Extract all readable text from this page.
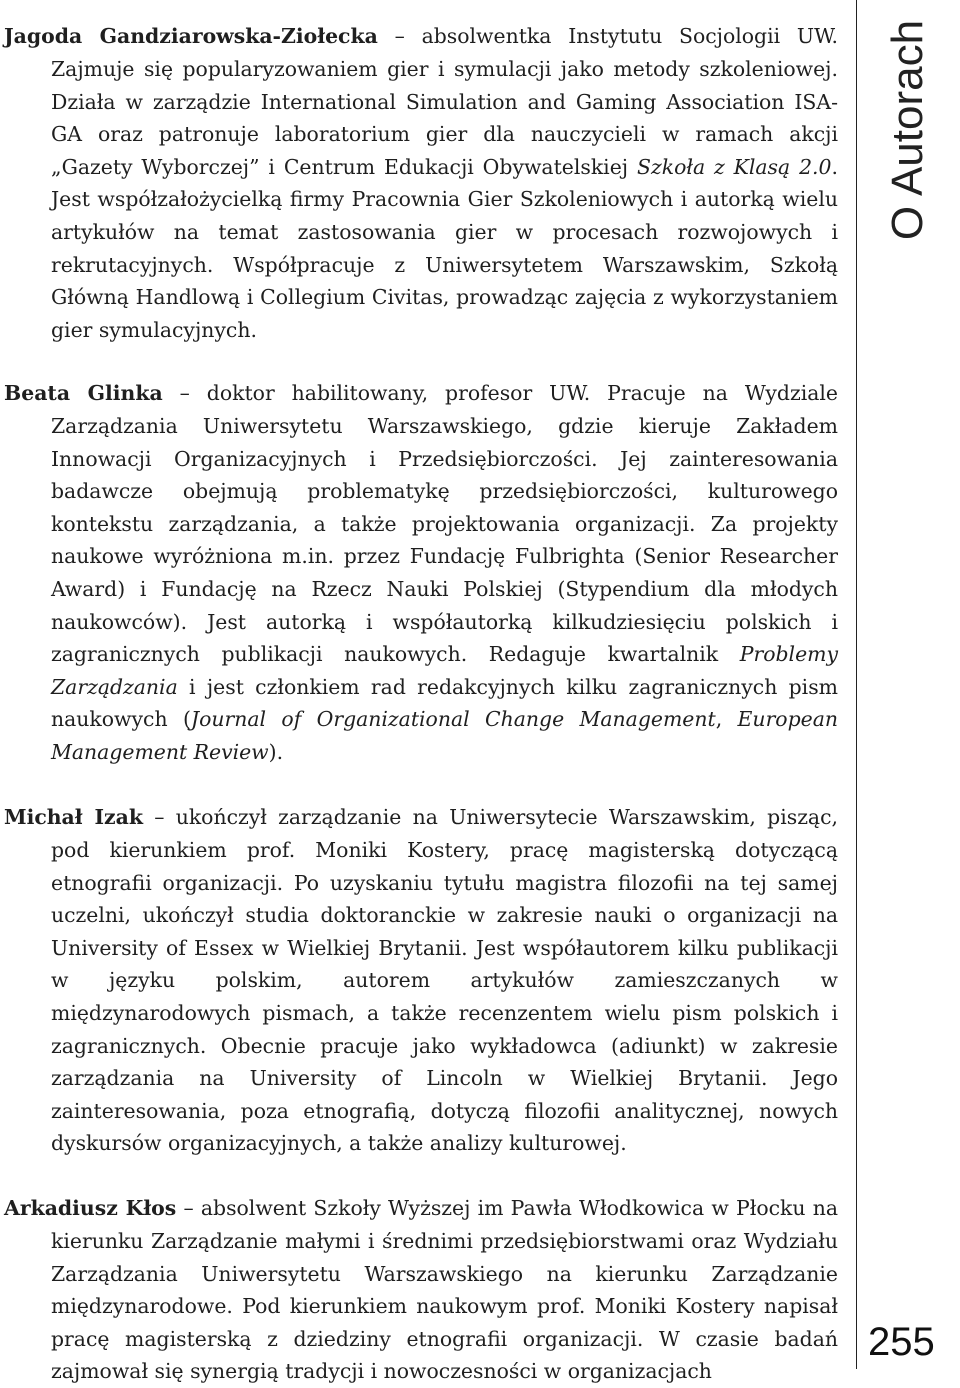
Jagoda Gandziarowska-Ziołecka – absolwentka Instytutu Socjologii UW. Zajmuje się popularyzowaniem gier i symulacji jako metody szkoleniowej. Działa w zarządzie International Simulation and Gaming Association ISA-GA oraz patronuje laboratorium gier dla nauczycieli w ramach akcji „Gazety Wyborczej” i Centrum Edukacji Obywatelskiej Szkoła z Klasą 2.0. Jest współzałożycielką firmy Pracownia Gier Szkoleniowych i autorką wielu artykułów na temat zastosowania gier w procesach rozwojowych i rekrutacyjnych. Współpracuje z Uniwersytetem Warszawskim, Szkołą Główną Handlową i Collegium Civitas, prowadząc zajęcia z wykorzystaniem gier symulacyjnych.

Beata Glinka – doktor habilitowany, profesor UW. Pracuje na Wydziale Zarządzania Uniwersytetu Warszawskiego, gdzie kieruje Zakładem Innowacji Organizacyjnych i Przedsiębiorczości. Jej zainteresowania badawcze obejmują problematykę przedsiębiorczości, kulturowego kontekstu zarządzania, a także projektowania organizacji. Za projekty naukowe wyróżniona m.in. przez Fundację Fulbrighta (Senior Researcher Award) i Fundację na Rzecz Nauki Polskiej (Stypendium dla młodych naukowców). Jest autorką i współautorką kilkudziesięciu polskich i zagranicznych publikacji naukowych. Redaguje kwartalnik Problemy Zarządzania i jest członkiem rad redakcyjnych kilku zagranicznych pism naukowych (Journal of Organizational Change Management, European Management Review).

Michał Izak – ukończył zarządzanie na Uniwersytecie Warszawskim, pisząc, pod kierunkiem prof. Moniki Kostery, pracę magisterską dotyczącą etnografii organizacji. Po uzyskaniu tytułu magistra filozofii na tej samej uczelni, ukończył studia doktoranckie w zakresie nauki o organizacji na University of Essex w Wielkiej Brytanii. Jest współautorem kilku publikacji w języku polskim, autorem artykułów zamieszczanych w międzynarodowych pismach, a także recenzentem wielu pism polskich i zagranicznych. Obecnie pracuje jako wykładowca (adiunkt) w zakresie zarządzania na University of Lincoln w Wielkiej Brytanii. Jego zainteresowania, poza etnografią, dotyczą filozofii analitycznej, nowych dyskursów organizacyjnych, a także analizy kulturowej.

Arkadiusz Kłos – absolwent Szkoły Wyższej im Pawła Włodkowica w Płocku na kierunku Zarządzanie małymi i średnimi przedsiębiorstwami oraz Wydziału Zarządzania Uniwersytetu Warszawskiego na kierunku Zarządzanie międzynarodowe. Pod kierunkiem naukowym prof. Moniki Kostery napisał pracę magisterską z dziedziny etnografii organizacji. W czasie badań zajmował się synergią tradycji i nowoczesności w organizacjach

O Autorach
255
